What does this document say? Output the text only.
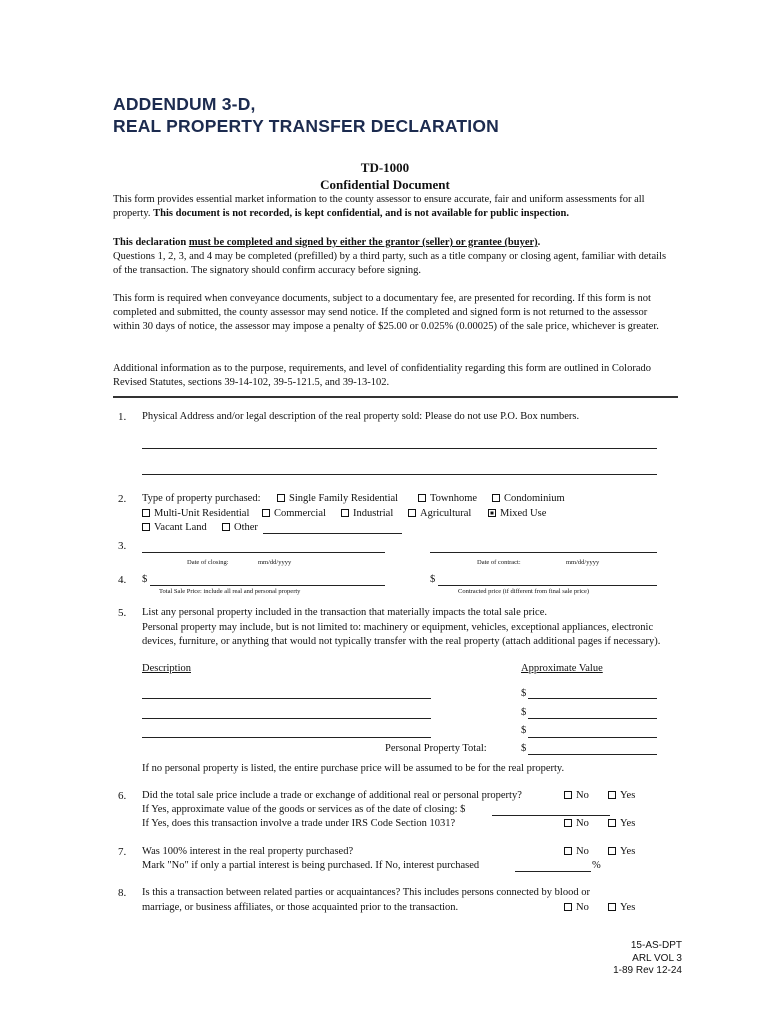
ADDENDUM 3-D,
REAL PROPERTY TRANSFER DECLARATION
TD-1000
Confidential Document
This form provides essential market information to the county assessor to ensure accurate, fair and uniform assessments for all property. This document is not recorded, is kept confidential, and is not available for public inspection.
This declaration must be completed and signed by either the grantor (seller) or grantee (buyer).
Questions 1, 2, 3, and 4 may be completed (prefilled) by a third party, such as a title company or closing agent, familiar with details of the transaction. The signatory should confirm accuracy before signing.
This form is required when conveyance documents, subject to a documentary fee, are presented for recording. If this form is not completed and submitted, the county assessor may send notice. If the completed and signed form is not returned to the assessor within 30 days of notice, the assessor may impose a penalty of $25.00 or 0.025% (0.00025) of the sale price, whichever is greater.
Additional information as to the purpose, requirements, and level of confidentiality regarding this form are outlined in Colorado Revised Statutes, sections 39-14-102, 39-5-121.5, and 39-13-102.
1. Physical Address and/or legal description of the real property sold: Please do not use P.O. Box numbers.
2. Type of property purchased:	Single Family Residential	Townhome	Condominium
Multi-Unit Residential	Commercial	Industrial	Agricultural	Mixed Use
Vacant Land	Other
3.
Date of closing:	mm/dd/yyyy	Date of contract:	mm/dd/yyyy
4. $
Total Sale Price: include all real and personal property
$
Contracted price (if different from final sale price)
5. List any personal property included in the transaction that materially impacts the total sale price.
Personal property may include, but is not limited to: machinery or equipment, vehicles, exceptional appliances, electronic devices, furniture, or anything that would not typically transfer with the real property (attach additional pages if necessary).
Description	Approximate Value
$
$
$
Personal Property Total:	$
If no personal property is listed, the entire purchase price will be assumed to be for the real property.
6. Did the total sale price include a trade or exchange of additional real or personal property?	No	Yes
If Yes, approximate value of the goods or services as of the date of closing: $
If Yes, does this transaction involve a trade under IRS Code Section 1031?	No	Yes
7. Was 100% interest in the real property purchased?	No	Yes
Mark "No" if only a partial interest is being purchased. If No, interest purchased	%
8. Is this a transaction between related parties or acquaintances? This includes persons connected by blood or
marriage, or business affiliates, or those acquainted prior to the transaction.	No	Yes
15-AS-DPT
ARL VOL 3
1-89 Rev 12-24
